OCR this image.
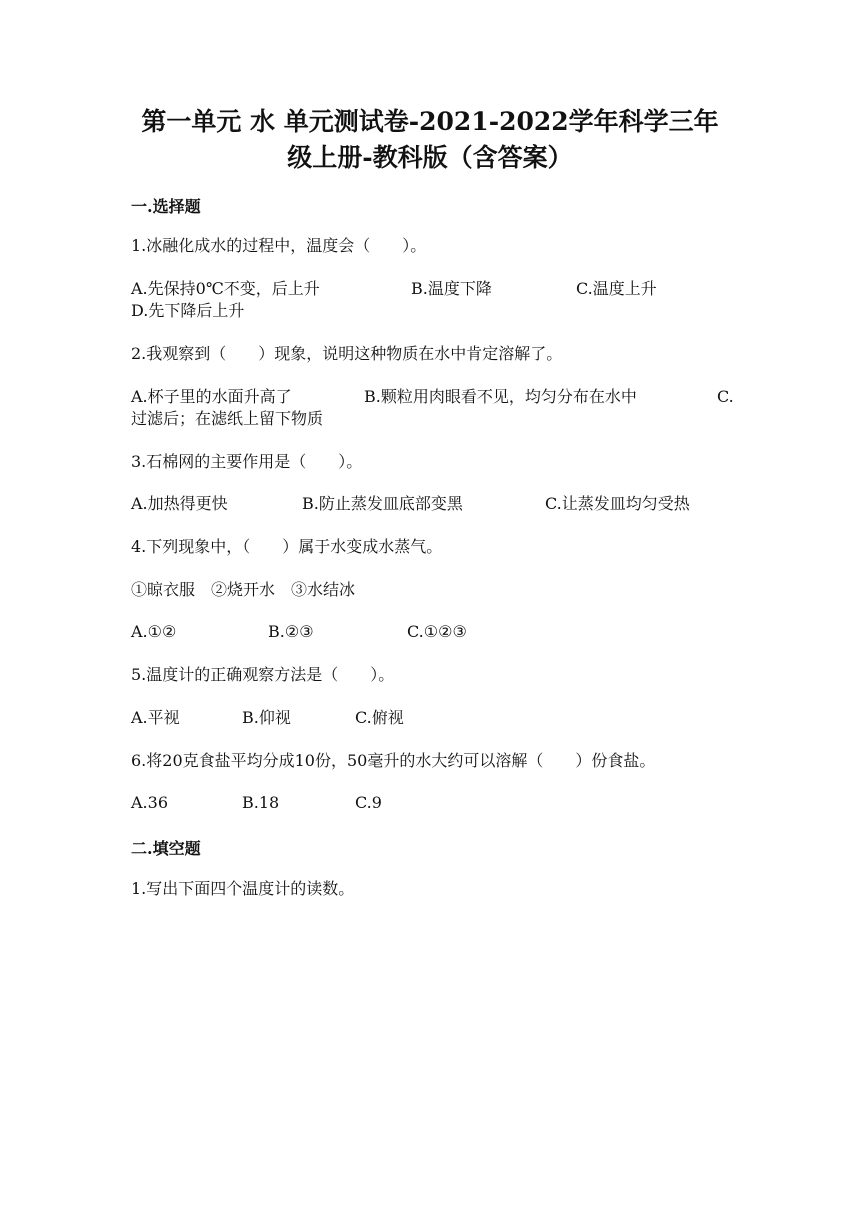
第一单元 水 单元测试卷-2021-2022学年科学三年
级上册-教科版（含答案）
一.选择题

1.冰融化成水的过程中，温度会（　　）。

A.先保持0℃不变，后上升	B.温度下降	C.温度上升
D.先下降后上升

2.我观察到（　　）现象，说明这种物质在水中肯定溶解了。

A.杯子里的水面升高了	B.颗粒用肉眼看不见，均匀分布在水中	C.
过滤后；在滤纸上留下物质

3.石棉网的主要作用是（　　）。

A.加热得更快	B.防止蒸发皿底部变黑	C.让蒸发皿均匀受热

4.下列现象中，（　　）属于水变成水蒸气。

①晾衣服　②烧开水　③水结冰

A.①②	B.②③	C.①②③

5.温度计的正确观察方法是（　　）。

A.平视	B.仰视	C.俯视

6.将20克食盐平均分成10份，50毫升的水大约可以溶解（　　）份食盐。

A.36	B.18	C.9
二.填空题

1.写出下面四个温度计的读数。
